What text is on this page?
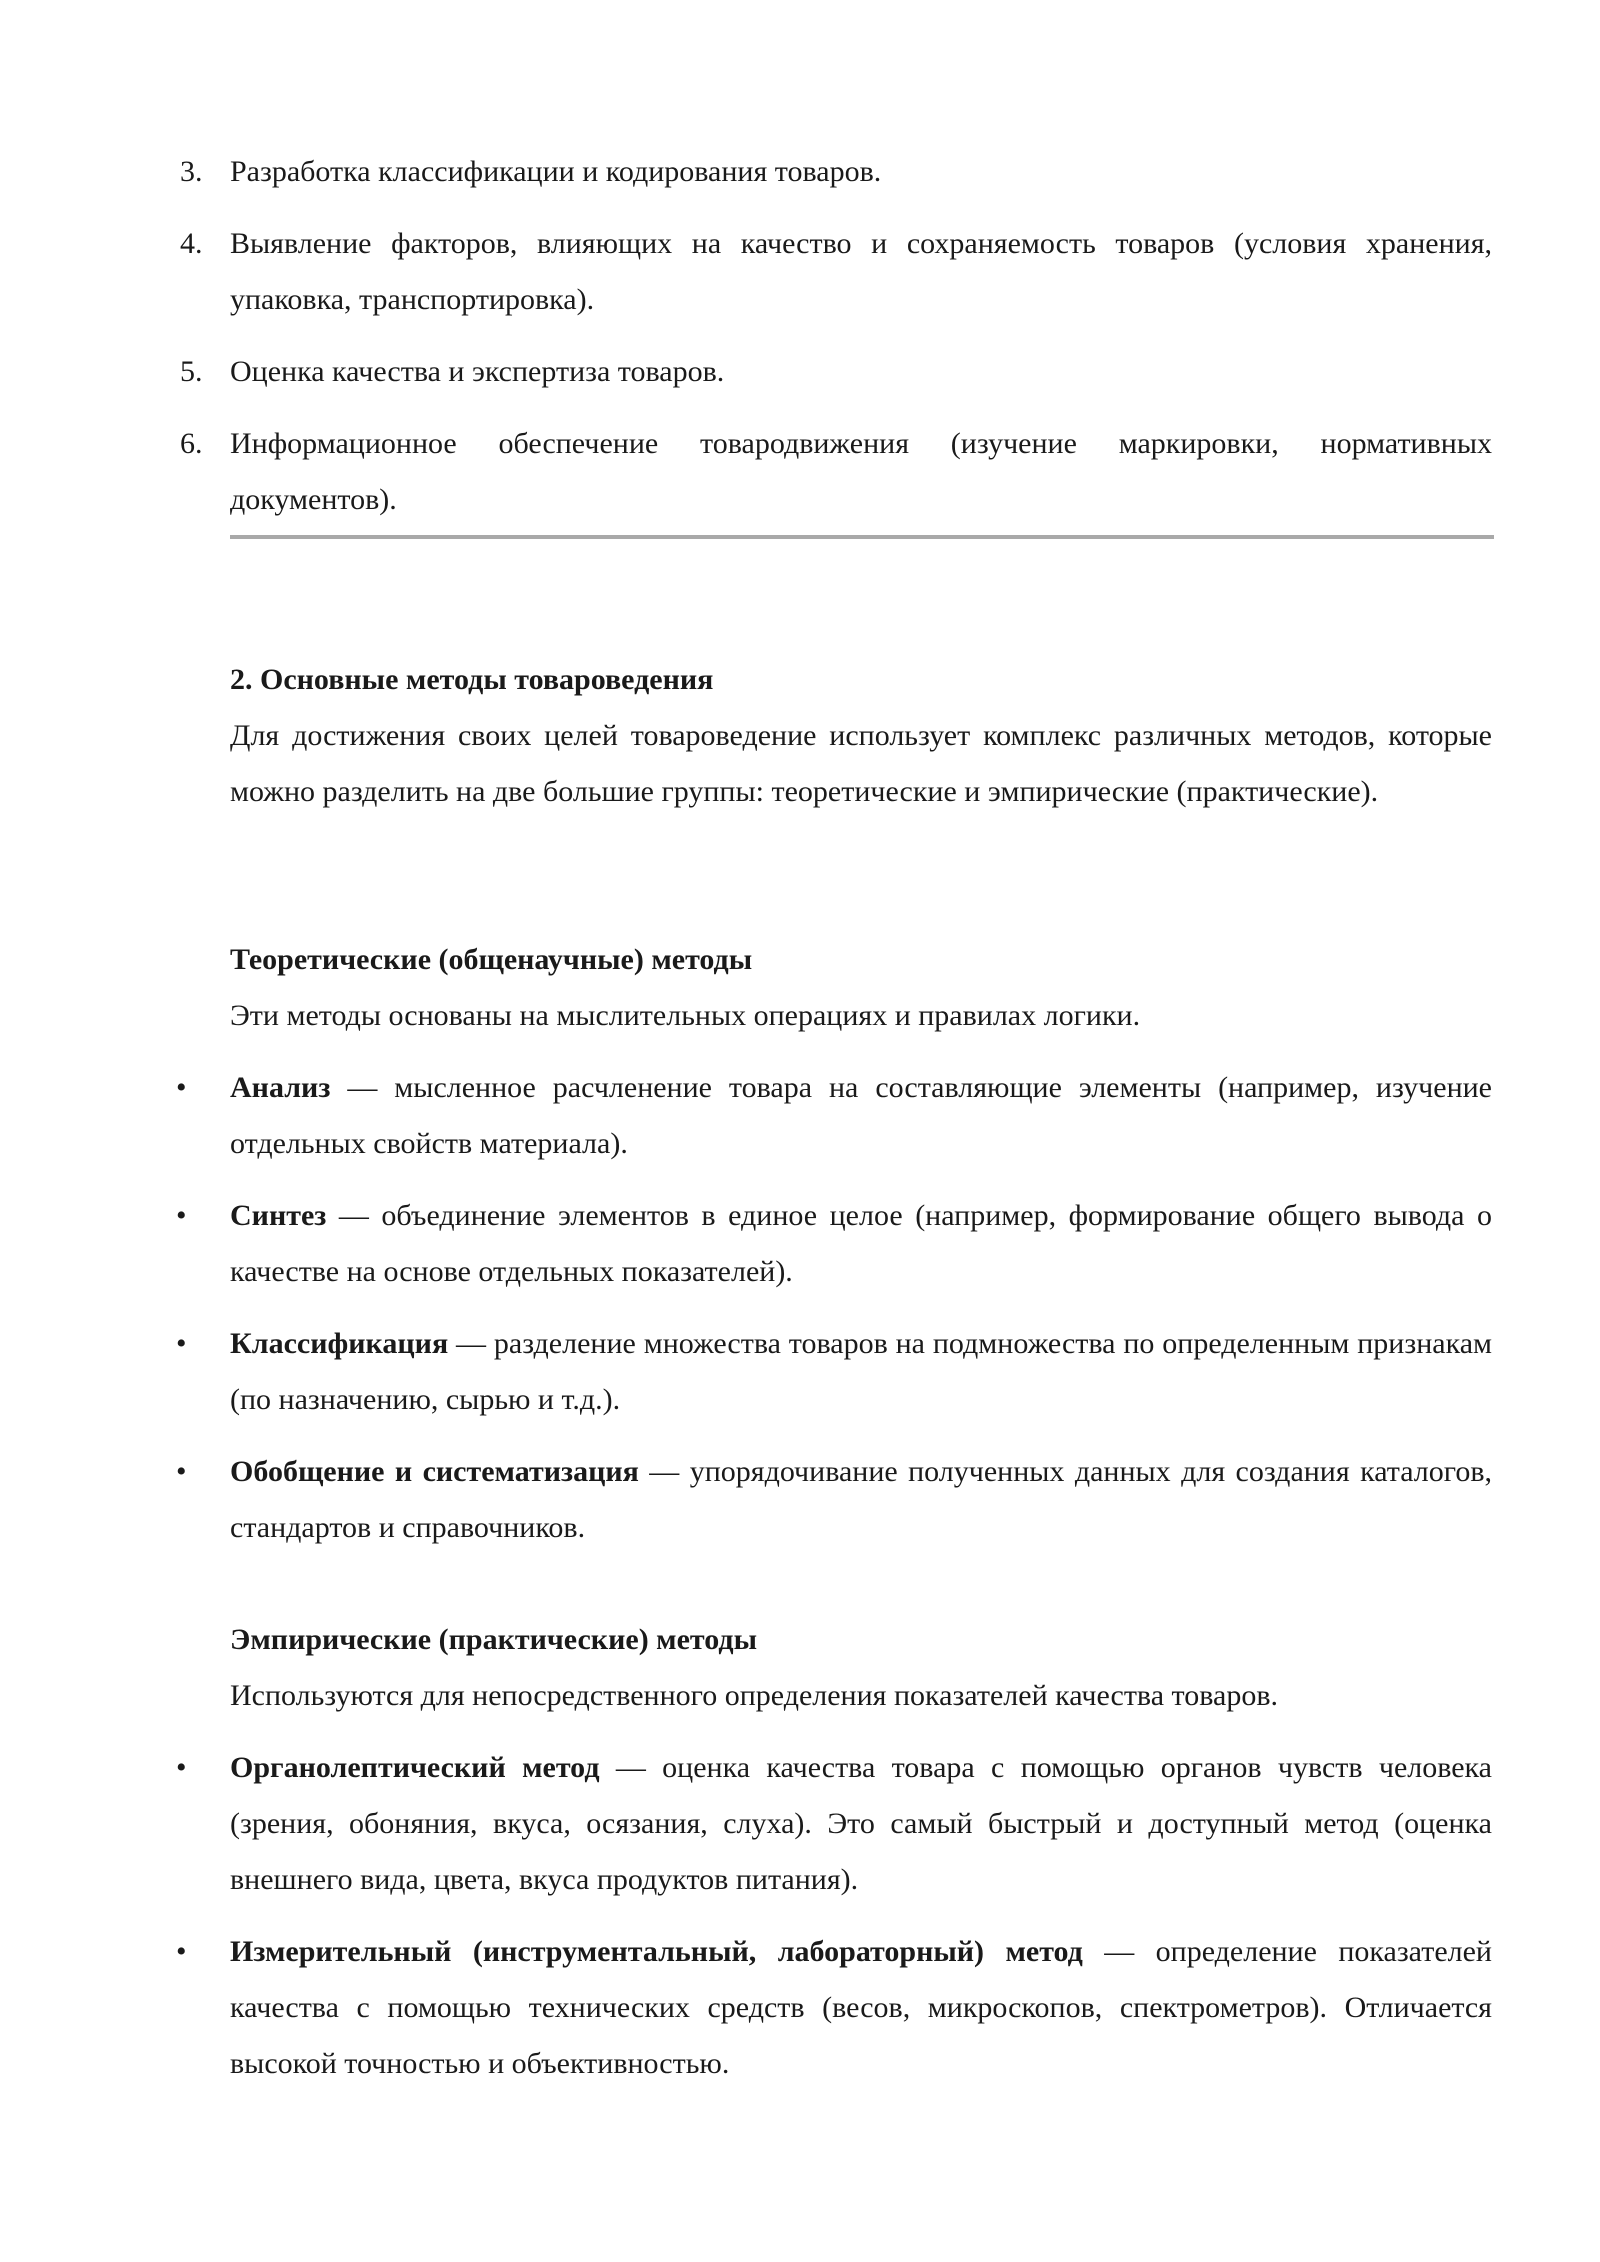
3. Разработка классификации и кодирования товаров.
4. Выявление факторов, влияющих на качество и сохраняемость товаров (условия хранения, упаковка, транспортировка).
5. Оценка качества и экспертиза товаров.
6. Информационное обеспечение товародвижения (изучение маркировки, нормативных документов).
2. Основные методы товароведения
Для достижения своих целей товароведение использует комплекс различных методов, которые можно разделить на две большие группы: теоретические и эмпирические (практические).
Теоретические (общенаучные) методы
Эти методы основаны на мыслительных операциях и правилах логики.
• Анализ — мысленное расчленение товара на составляющие элементы (например, изучение отдельных свойств материала).
• Синтез — объединение элементов в единое целое (например, формирование общего вывода о качестве на основе отдельных показателей).
• Классификация — разделение множества товаров на подмножества по определенным признакам (по назначению, сырью и т.д.).
• Обобщение и систематизация — упорядочивание полученных данных для создания каталогов, стандартов и справочников.
Эмпирические (практические) методы
Используются для непосредственного определения показателей качества товаров.
• Органолептический метод — оценка качества товара с помощью органов чувств человека (зрения, обоняния, вкуса, осязания, слуха). Это самый быстрый и доступный метод (оценка внешнего вида, цвета, вкуса продуктов питания).
• Измерительный (инструментальный, лабораторный) метод — определение показателей качества с помощью технических средств (весов, микроскопов, спектрометров). Отличается высокой точностью и объективностью.
